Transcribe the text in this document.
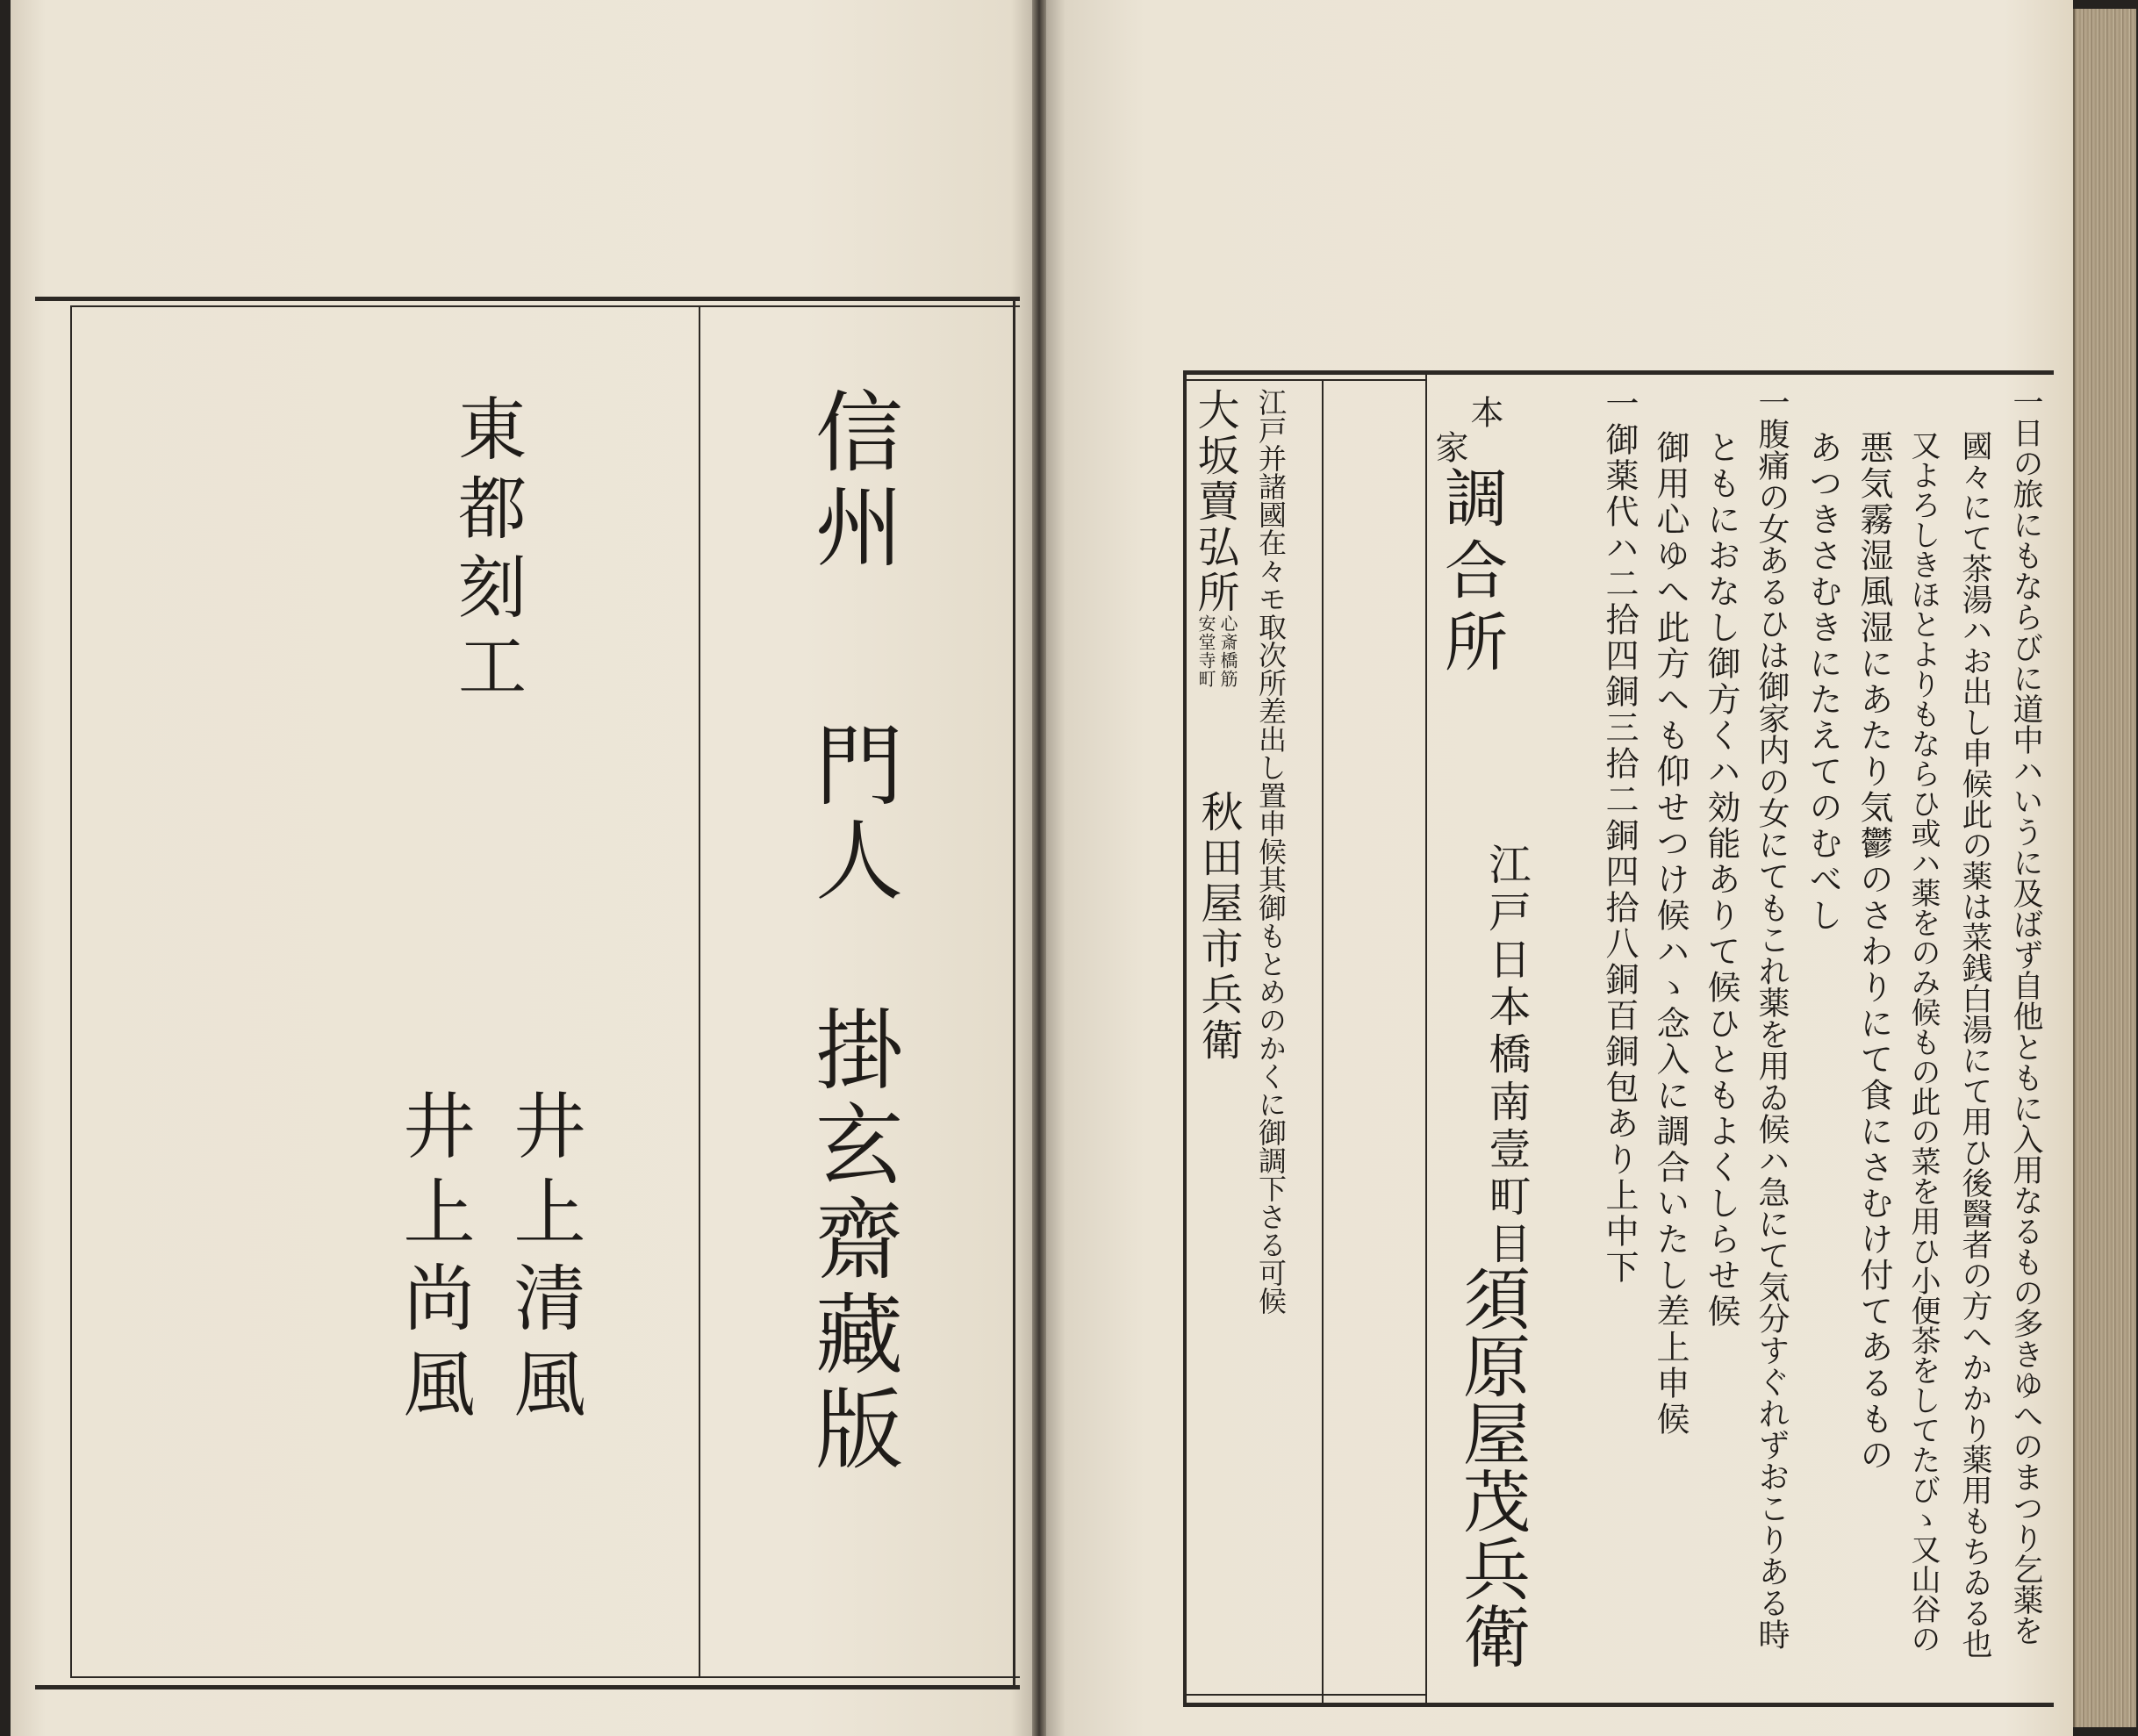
信州
門人　掛玄齋藏版
東都刻工
井上清風
井上尚風
大坂賣弘所
心斎橋筋
安堂寺町
秋田屋市兵衛 江戸并諸國在々モ取次所差出し置申候其御もとめのかくに御調下さる可候	本
家
調合所
江戸日本橋南壹町目
須原屋茂兵衛	一日の旅にもならびに道中ハいうに及ばず自他ともに入用なるもの多きゆへのまつり乞薬を
國々にて茶湯ハお出し申候此の薬は菜銭白湯にて用ひ後醫者の方へかかり薬用もちゐる也
又よろしきほとよりもならひ或ハ薬をのみ候もの此の菜を用ひ小便茶をしてたびゝ又山谷の
悪気霧湿風湿にあたり気鬱のさわりにて食にさむけ付てあるもの
あつきさむきにたえてのむべし
一腹痛の女あるひは御家内の女にてもこれ薬を用ゐ候ハ急にて気分すぐれずおこりある時
ともにおなし御方くハ効能ありて候ひともよくしらせ候
御用心ゆへ此方へも仰せつけ候ハゝ念入に調合いたし差上申候
一御薬代ハ二拾四銅三拾二銅四拾八銅百銅包あり上中下
